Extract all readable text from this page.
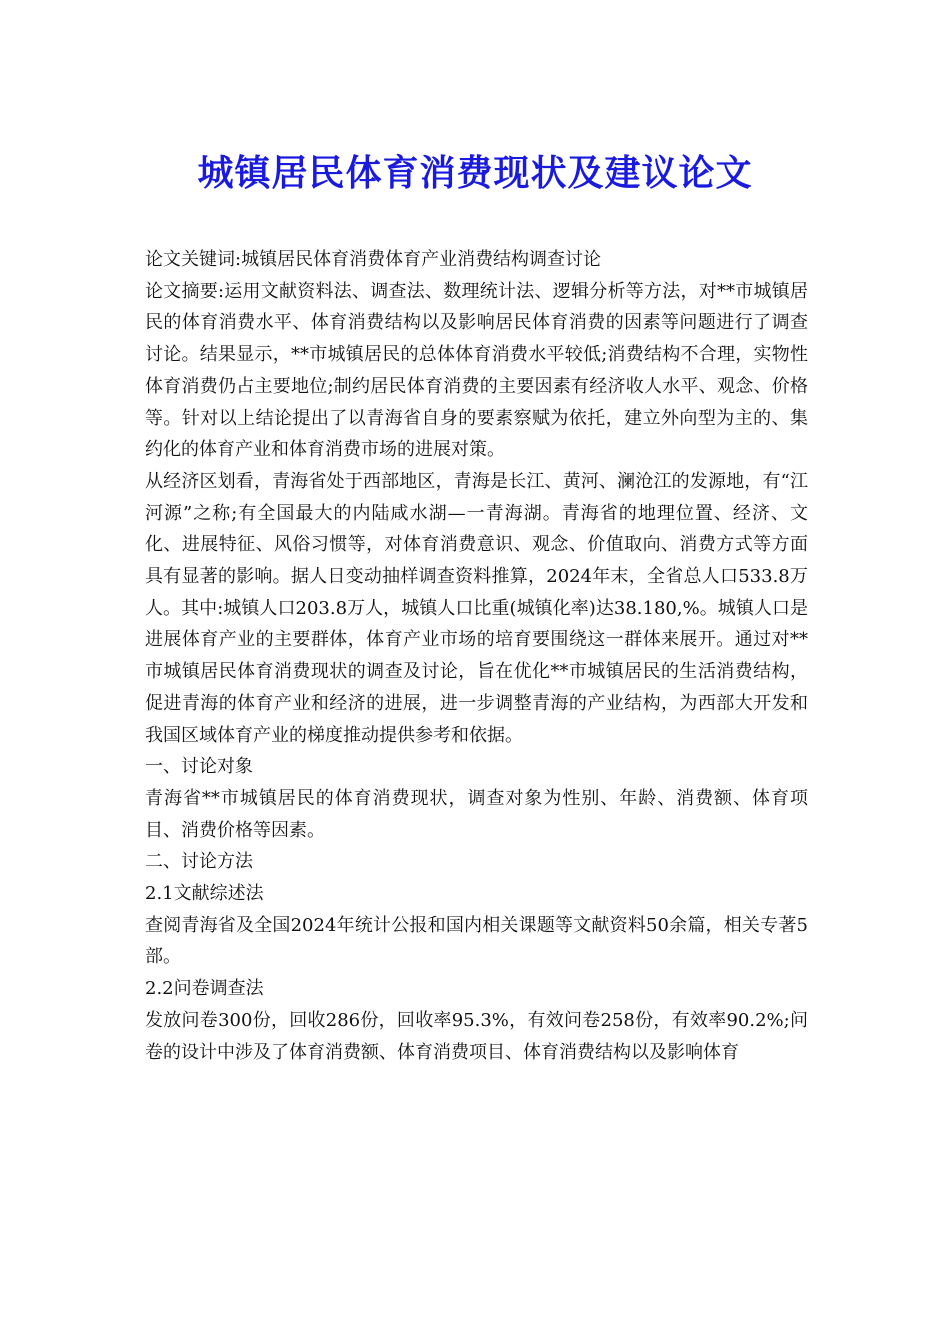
城镇居民体育消费现状及建议论文

论文关键词:城镇居民体育消费体育产业消费结构调查讨论

论文摘要:运用文献资料法、调查法、数理统计法、逻辑分析等方法，对**市城镇居民的体育消费水平、体育消费结构以及影响居民体育消费的因素等问题进行了调查讨论。结果显示，**市城镇居民的总体体育消费水平较低;消费结构不合理，实物性体育消费仍占主要地位;制约居民体育消费的主要因素有经济收人水平、观念、价格等。针对以上结论提出了以青海省自身的要素察赋为依托，建立外向型为主的、集约化的体育产业和体育消费市场的进展对策。

从经济区划看，青海省处于西部地区，青海是长江、黄河、澜沧江的发源地，有“江河源”之称;有全国最大的内陆咸水湖—一青海湖。青海省的地理位置、经济、文化、进展特征、风俗习惯等，对体育消费意识、观念、价值取向、消费方式等方面具有显著的影响。据人日变动抽样调查资料推算，2024年末，全省总人口533.8万人。其中:城镇人口203.8万人，城镇人口比重(城镇化率)达38.180,%。城镇人口是进展体育产业的主要群体，体育产业市场的培育要围绕这一群体来展开。通过对**市城镇居民体育消费现状的调查及讨论，旨在优化**市城镇居民的生活消费结构，促进青海的体育产业和经济的进展，进一步调整青海的产业结构，为西部大开发和我国区域体育产业的梯度推动提供参考和依据。

一、讨论对象

青海省**市城镇居民的体育消费现状，调查对象为性别、年龄、消费额、体育项目、消费价格等因素。

二、讨论方法

2.1文献综述法

查阅青海省及全国2024年统计公报和国内相关课题等文献资料50余篇，相关专著5部。

2.2问卷调查法

发放问卷300份，回收286份，回收率95.3%，有效问卷258份，有效率90.2%;问卷的设计中涉及了体育消费额、体育消费项目、体育消费结构以及影响体育
